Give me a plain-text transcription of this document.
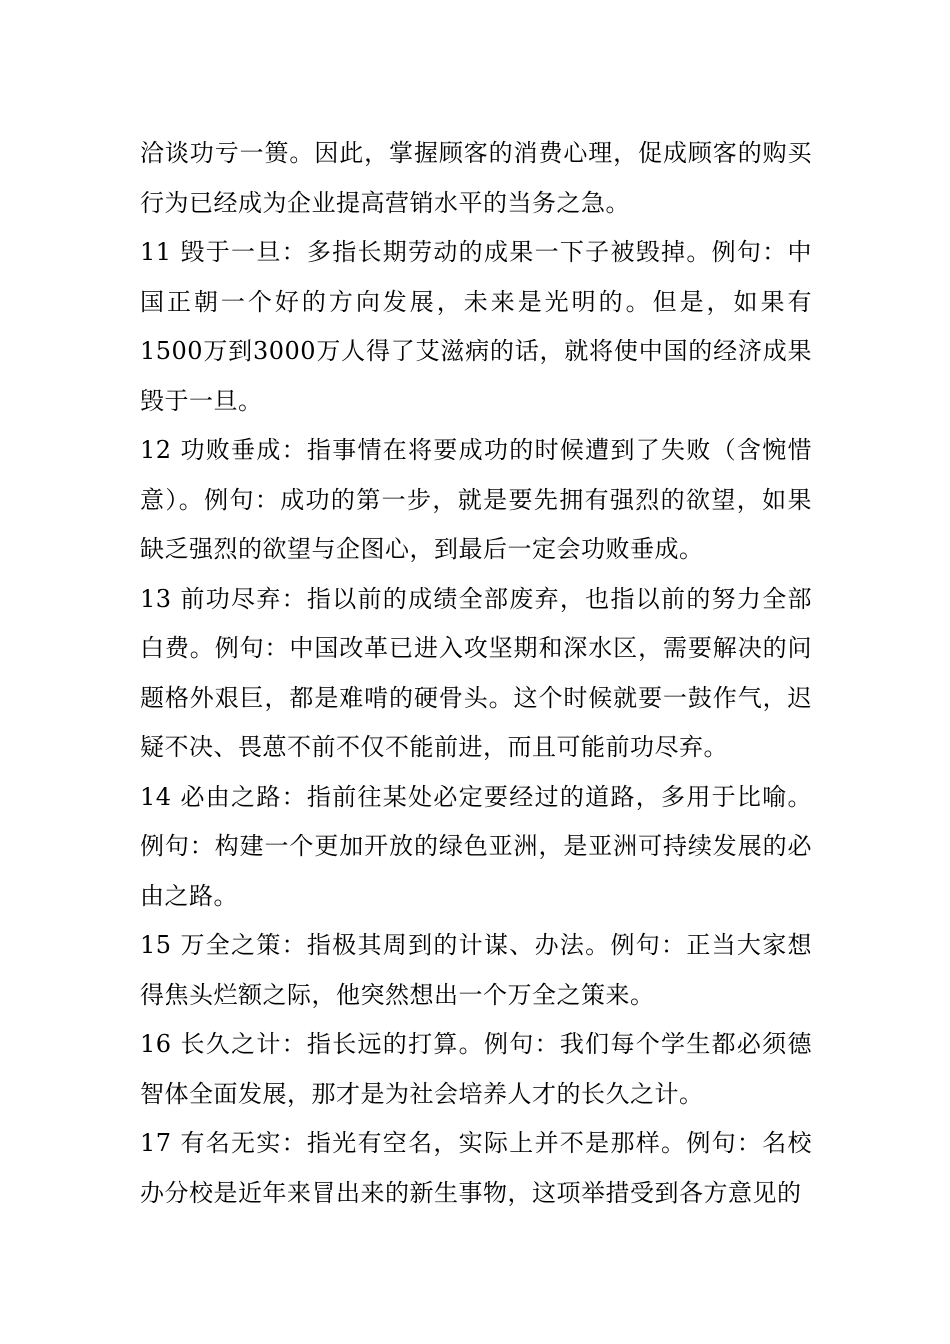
洽谈功亏一篑。因此，掌握顾客的消费心理，促成顾客的购买行为已经成为企业提高营销水平的当务之急。

11 毁于一旦：多指长期劳动的成果一下子被毁掉。例句：中国正朝一个好的方向发展，未来是光明的。但是，如果有1500万到3000万人得了艾滋病的话，就将使中国的经济成果毁于一旦。

12 功败垂成：指事情在将要成功的时候遭到了失败（含惋惜意）。例句：成功的第一步，就是要先拥有强烈的欲望，如果缺乏强烈的欲望与企图心，到最后一定会功败垂成。

13 前功尽弃：指以前的成绩全部废弃，也指以前的努力全部白费。例句：中国改革已进入攻坚期和深水区，需要解决的问题格外艰巨，都是难啃的硬骨头。这个时候就要一鼓作气，迟疑不决、畏葸不前不仅不能前进，而且可能前功尽弃。

14 必由之路：指前往某处必定要经过的道路，多用于比喻。例句：构建一个更加开放的绿色亚洲，是亚洲可持续发展的必由之路。

15 万全之策：指极其周到的计谋、办法。例句：正当大家想得焦头烂额之际，他突然想出一个万全之策来。

16 长久之计：指长远的打算。例句：我们每个学生都必须德智体全面发展，那才是为社会培养人才的长久之计。

17 有名无实：指光有空名，实际上并不是那样。例句：名校办分校是近年来冒出来的新生事物，这项举措受到各方意见的
